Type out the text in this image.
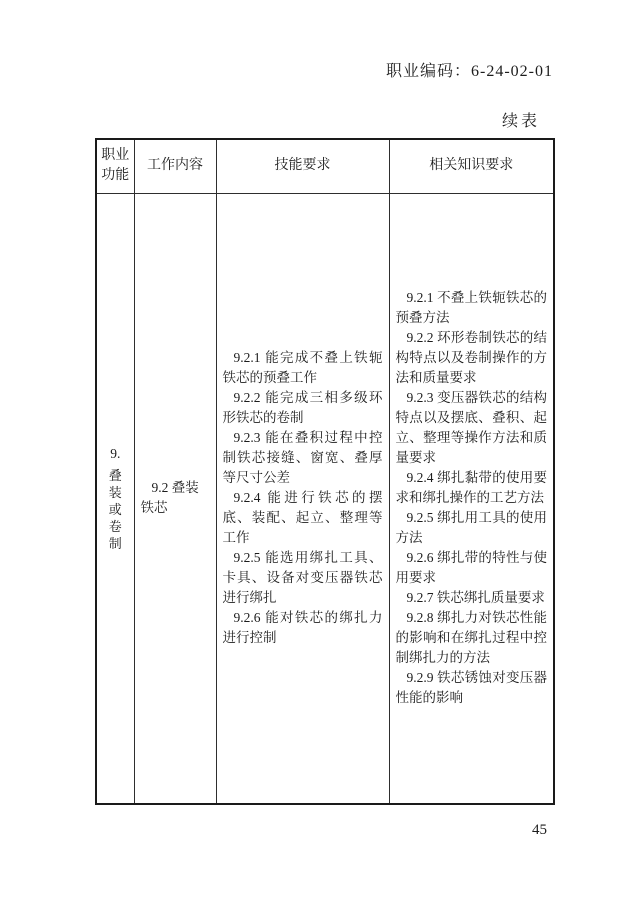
职业编码：6-24-02-01
续表
职业功能	工作内容	技能要求	相关知识要求

9.
叠
装
或
卷
制

9.2 叠装
铁芯

9.2.1 能完成不叠上铁轭铁芯的预叠工作
9.2.2 能完成三相多级环形铁芯的卷制
9.2.3 能在叠积过程中控制铁芯接缝、窗宽、叠厚等尺寸公差
9.2.4 能进行铁芯的摆底、装配、起立、整理等工作
9.2.5 能选用绑扎工具、卡具、设备对变压器铁芯进行绑扎
9.2.6 能对铁芯的绑扎力进行控制

9.2.1 不叠上铁轭铁芯的预叠方法
9.2.2 环形卷制铁芯的结构特点以及卷制操作的方法和质量要求
9.2.3 变压器铁芯的结构特点以及摆底、叠积、起立、整理等操作方法和质量要求
9.2.4 绑扎黏带的使用要求和绑扎操作的工艺方法
9.2.5 绑扎用工具的使用方法
9.2.6 绑扎带的特性与使用要求
9.2.7 铁芯绑扎质量要求
9.2.8 绑扎力对铁芯性能的影响和在绑扎过程中控制绑扎力的方法
9.2.9 铁芯锈蚀对变压器性能的影响
45
